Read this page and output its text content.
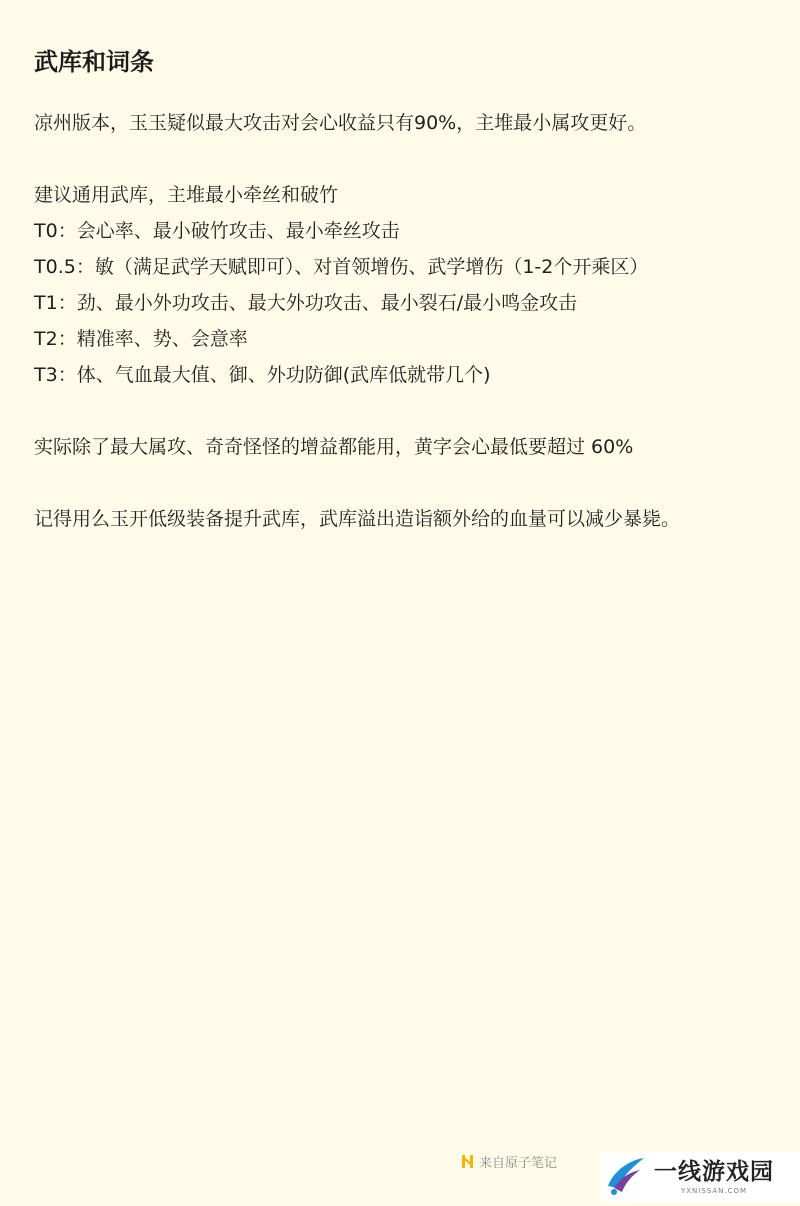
武库和词条

凉州版本，玉玉疑似最大攻击对会心收益只有90%，主堆最小属攻更好。

建议通用武库，主堆最小牵丝和破竹

T0：会心率、最小破竹攻击、最小牵丝攻击

T0.5：敏（满足武学天赋即可）、对首领增伤、武学增伤（1-2个开乘区）

T1：劲、最小外功攻击、最大外功攻击、最小裂石/最小鸣金攻击

T2：精准率、势、会意率

T3：体、气血最大值、御、外功防御(武库低就带几个)

实际除了最大属攻、奇奇怪怪的增益都能用，黄字会心最低要超过 60%

记得用么玉开低级装备提升武库，武库溢出造诣额外给的血量可以减少暴毙。

来自原子笔记	一线游戏园
YXNISSAN.COM
